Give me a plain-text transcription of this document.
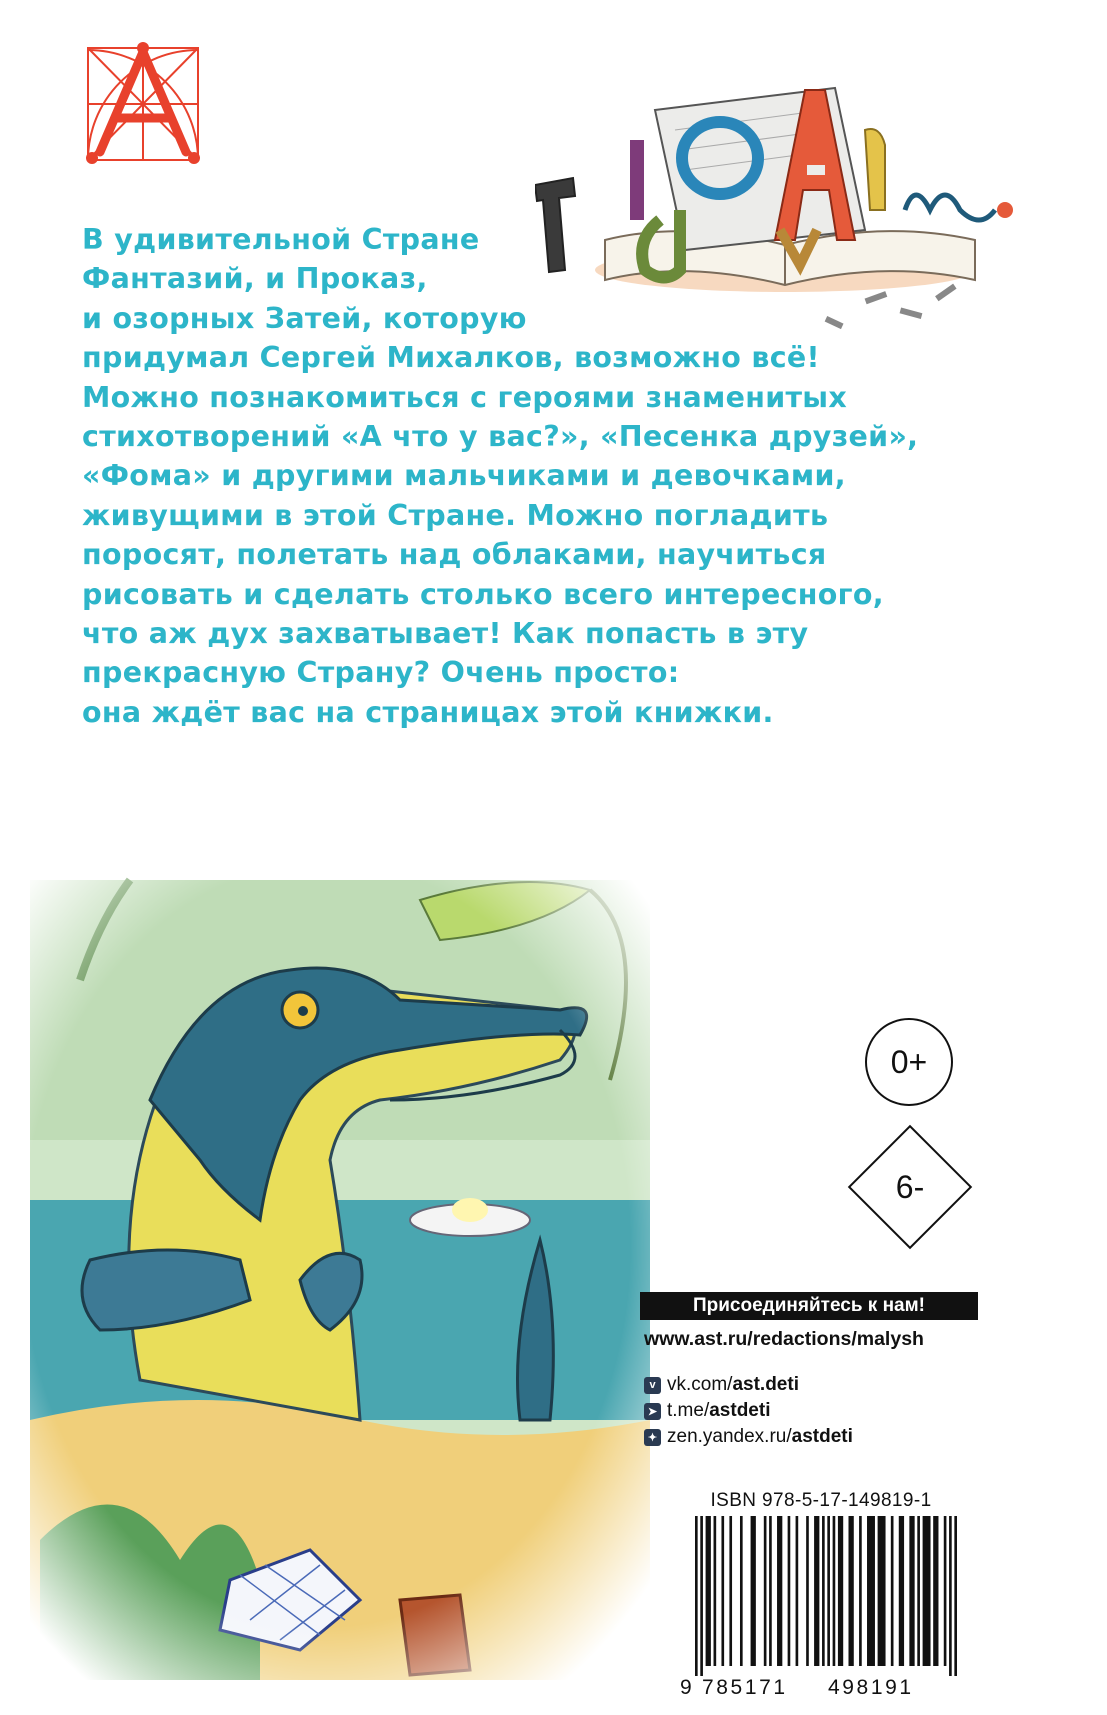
В удивительной Стране
Фантазий, и Проказ,
и озорных Затей, которую
придумал Сергей Михалков, возможно всё!
Можно познакомиться с героями знаменитых
стихотворений «А что у вас?», «Песенка друзей»,
«Фома» и другими мальчиками и девочками,
живущими в этой Стране. Можно погладить
поросят, полетать над облаками, научиться
рисовать и сделать столько всего интересного,
что аж дух захватывает! Как попасть в эту
прекрасную Страну? Очень просто:
она ждёт вас на страницах этой книжки.
0+
6-
Присоединяйтесь к нам!
www.ast.ru/redactions/malysh
v vk.com/ ast.deti
➤ t.me/ astdeti
✦ zen.yandex.ru/ astdeti
ISBN 978-5-17-149819-1
9 785171	498191
